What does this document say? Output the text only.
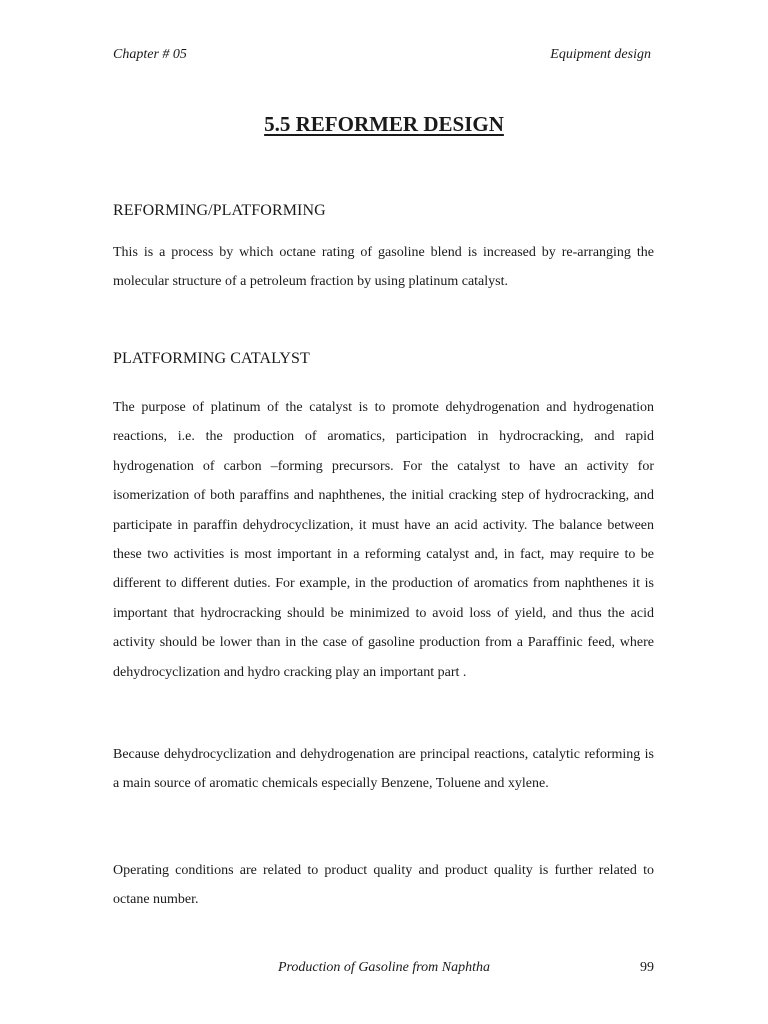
Chapter # 05	Equipment design
5.5 REFORMER DESIGN
REFORMING/PLATFORMING
This is a process by which octane rating of gasoline blend is increased by re-arranging the molecular structure of a petroleum fraction by using platinum catalyst.
PLATFORMING CATALYST
The purpose of platinum of the catalyst is to promote dehydrogenation and hydrogenation reactions, i.e. the production of aromatics, participation in hydrocracking, and rapid hydrogenation of carbon –forming precursors. For the catalyst to have an activity for isomerization of both paraffins and naphthenes, the initial cracking step of hydrocracking, and participate in paraffin dehydrocyclization, it must have an acid activity. The balance between these two activities is most important in a reforming catalyst and, in fact, may require to be different to different duties. For example, in the production of aromatics from naphthenes it is important that hydrocracking should be minimized to avoid loss of yield, and thus the acid activity should be lower than in the case of gasoline production from a Paraffinic feed, where dehydrocyclization and hydro cracking play an important part .
Because dehydrocyclization and dehydrogenation are principal reactions, catalytic reforming is a main source of aromatic chemicals especially Benzene, Toluene and xylene.
Operating conditions are related to product quality and product quality is further related to octane number.
Production of Gasoline from Naphtha	99
